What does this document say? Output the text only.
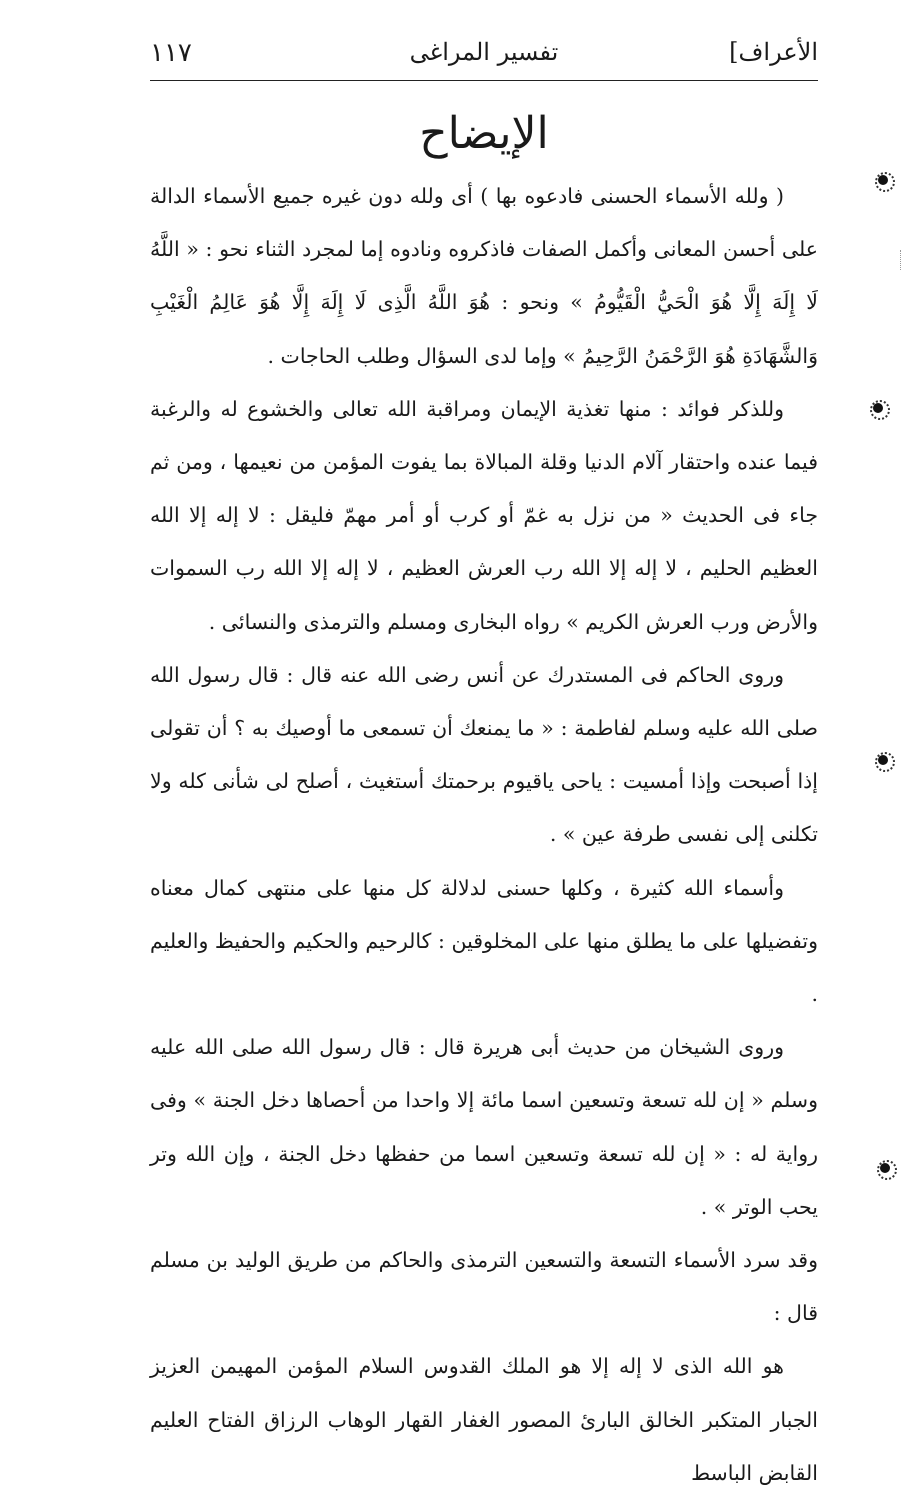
الأعراف]
تفسير المراغى
١١٧
الإيضاح

( ولله الأسماء الحسنى فادعوه بها ) أى ولله دون غيره جميع الأسماء الدالة على أحسن المعانى وأكمل الصفات فاذكروه ونادوه إما لمجرد الثناء نحو : « اللَّهُ لَا إِلَهَ إِلَّا هُوَ الْحَيُّ الْقَيُّومُ » ونحو : هُوَ اللَّهُ الَّذِى لَا إِلَهَ إِلَّا هُوَ عَالِمُ الْغَيْبِ وَالشَّهَادَةِ هُوَ الرَّحْمَنُ الرَّحِيمُ » وإما لدى السؤال وطلب الحاجات .

وللذكر فوائد : منها تغذية الإيمان ومراقبة الله تعالى والخشوع له والرغبة فيما عنده واحتقار آلام الدنيا وقلة المبالاة بما يفوت المؤمن من نعيمها ، ومن ثم جاء فى الحديث « من نزل به غمّ أو كرب أو أمر مهمّ فليقل : لا إله إلا الله العظيم الحليم ، لا إله إلا الله رب العرش العظيم ، لا إله إلا الله رب السموات والأرض ورب العرش الكريم » رواه البخارى ومسلم والترمذى والنسائى .

وروى الحاكم فى المستدرك عن أنس رضى الله عنه قال : قال رسول الله صلى الله عليه وسلم لفاطمة : « ما يمنعك أن تسمعى ما أوصيك به ؟ أن تقولى إذا أصبحت وإذا أمسيت : ياحى ياقيوم برحمتك أستغيث ، أصلح لى شأنى كله ولا تكلنى إلى نفسى طرفة عين » .

وأسماء الله كثيرة ، وكلها حسنى لدلالة كل منها على منتهى كمال معناه وتفضيلها على ما يطلق منها على المخلوقين : كالرحيم والحكيم والحفيظ والعليم .

وروى الشيخان من حديث أبى هريرة قال : قال رسول الله صلى الله عليه وسلم « إن لله تسعة وتسعين اسما مائة إلا واحدا من أحصاها دخل الجنة » وفى رواية له : « إن لله تسعة وتسعين اسما من حفظها دخل الجنة ، وإن الله وتر يحب الوتر » .

وقد سرد الأسماء التسعة والتسعين الترمذى والحاكم من طريق الوليد بن مسلم قال :

هو الله الذى لا إله إلا هو الملك القدوس السلام المؤمن المهيمن العزيز الجبار المتكبر الخالق البارئ المصور الغفار القهار الوهاب الرزاق الفتاح العليم القابض الباسط
